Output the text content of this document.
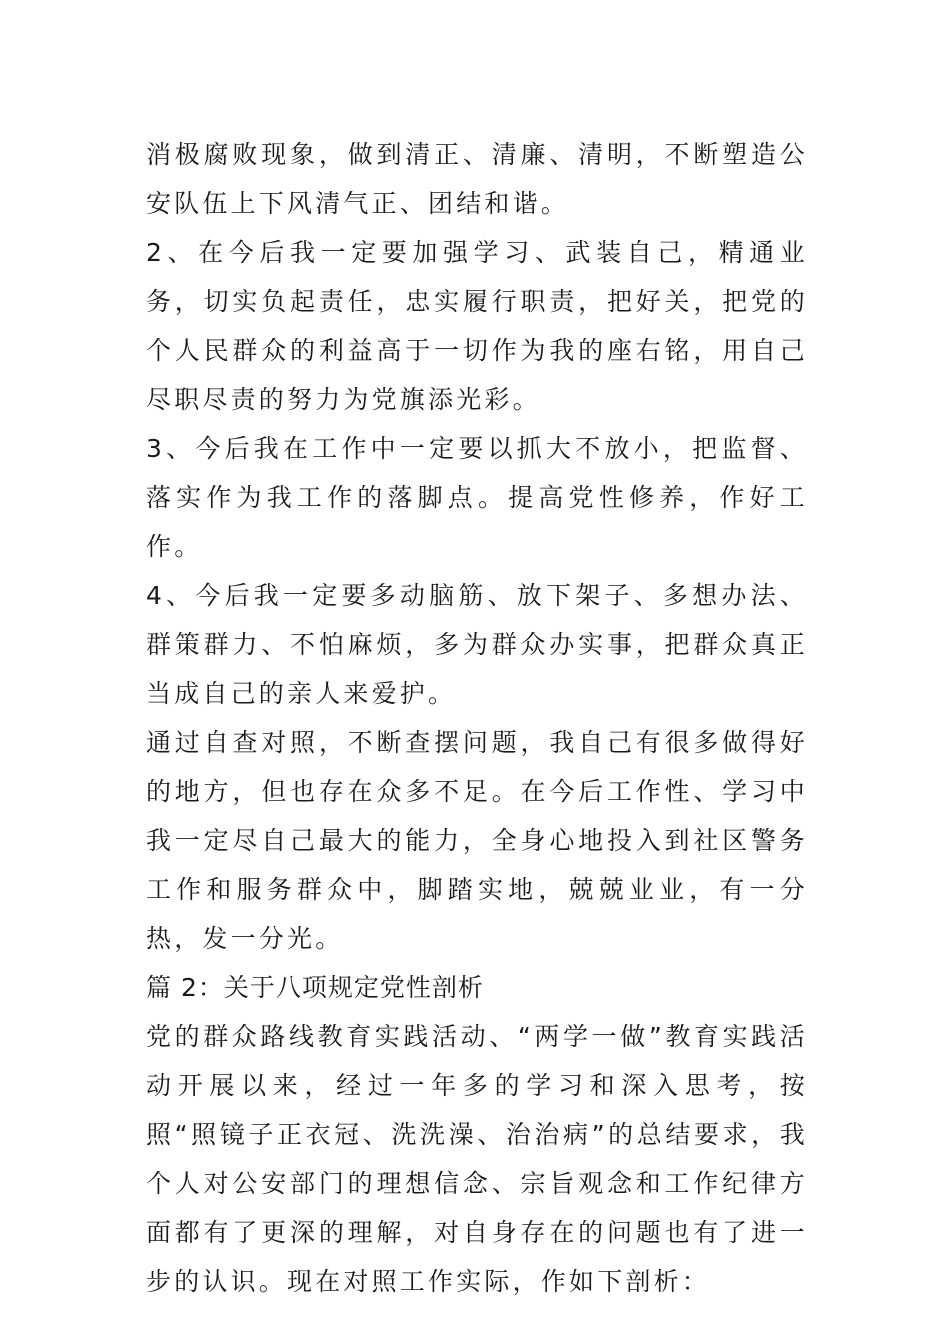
消极腐败现象，做到清正、清廉、清明，不断塑造公安队伍上下风清气正、团结和谐。

2、在今后我一定要加强学习、武装自己，精通业务，切实负起责任，忠实履行职责，把好关，把党的个人民群众的利益高于一切作为我的座右铭，用自己尽职尽责的努力为党旗添光彩。

3、今后我在工作中一定要以抓大不放小，把监督、落实作为我工作的落脚点。提高党性修养，作好工作。

4、今后我一定要多动脑筋、放下架子、多想办法、群策群力、不怕麻烦，多为群众办实事，把群众真正当成自己的亲人来爱护。

通过自查对照，不断查摆问题，我自己有很多做得好的地方，但也存在众多不足。在今后工作性、学习中我一定尽自己最大的能力，全身心地投入到社区警务工作和服务群众中，脚踏实地，兢兢业业，有一分热，发一分光。

篇 2：关于八项规定党性剖析

党的群众路线教育实践活动、“两学一做”教育实践活动开展以来，经过一年多的学习和深入思考，按照“照镜子正衣冠、洗洗澡、治治病”的总结要求，我个人对公安部门的理想信念、宗旨观念和工作纪律方面都有了更深的理解，对自身存在的问题也有了进一步的认识。现在对照工作实际，作如下剖析：
